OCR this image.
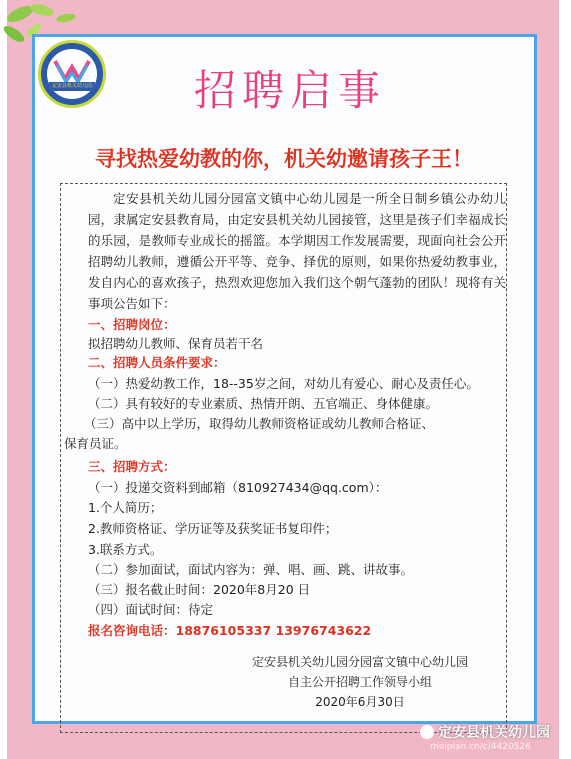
定安县机关幼儿园	招聘启事
寻找热爱幼教的你，机关幼邀请孩子王！
定安县机关幼儿园分园富文镇中心幼儿园是一所全日制乡镇公办幼儿园，隶属定安县教育局，由定安县机关幼儿园接管，这里是孩子们幸福成长的乐园，是教师专业成长的摇篮。本学期因工作发展需要，现面向社会公开招聘幼儿教师，遵循公开平等、竞争、择优的原则，如果你热爱幼教事业，发自内心的喜欢孩子，热烈欢迎您加入我们这个朝气蓬勃的团队！现将有关事项公告如下：
一、招聘岗位：
拟招聘幼儿教师、保育员若干名
二、招聘人员条件要求：
（一）热爱幼教工作，18--35岁之间，对幼儿有爱心、耐心及责任心。
（二）具有较好的专业素质、热情开朗、五官端正、身体健康。
（三）高中以上学历，取得幼儿教师资格证或幼儿教师合格证、
保育员证。
三、招聘方式：
（一）投递交资料到邮箱（810927434@qq.com）：
1.个人简历；
2.教师资格证、学历证等及获奖证书复印件；
3.联系方式。
（二）参加面试，面试内容为：弹、唱、画、跳、讲故事。
（三）报名截止时间：2020年8月20 日
（四）面试时间：待定
报名咨询电话：18876105337 13976743622
定安县机关幼儿园分园富文镇中心幼儿园
自主公开招聘工作领导小组
2020年6月30日
定安县机关幼儿园
meipian.cn/c/4420526
